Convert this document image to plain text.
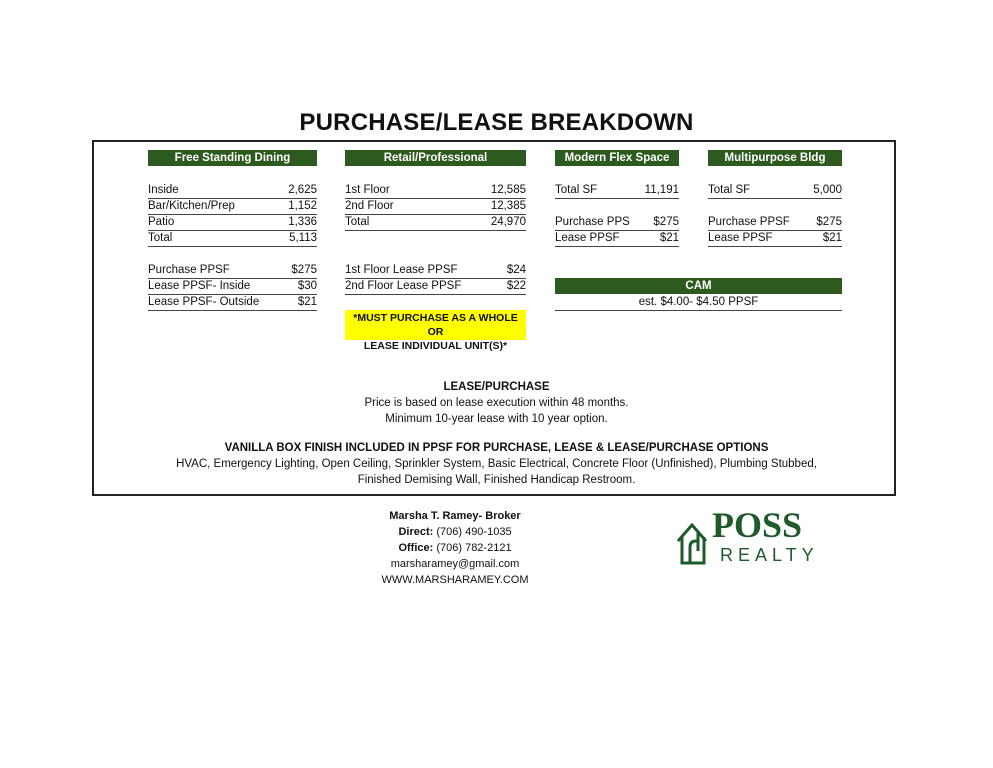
PURCHASE/LEASE BREAKDOWN
Free Standing Dining
Inside	2,625
Bar/Kitchen/Prep	1,152
Patio	1,336
Total	5,113
Purchase PPSF	$275
Lease PPSF- Inside	$30
Lease PPSF- Outside	$21
Retail/Professional
1st Floor	12,585
2nd Floor	12,385
Total	24,970
1st Floor Lease PPSF	$24
2nd Floor Lease PPSF	$22
*MUST PURCHASE AS A WHOLE OR
LEASE INDIVIDUAL UNIT(S)*
Modern Flex Space
Total SF	11,191
Purchase PPS $275
Lease PPSF	$21
Multipurpose Bldg
Total SF	5,000
Purchase PPSF $275
Lease PPSF	$21
CAM
est. $4.00- $4.50 PPSF
LEASE/PURCHASE
Price is based on lease execution within 48 months.
Minimum 10-year lease with 10 year option.
VANILLA BOX FINISH INCLUDED IN PPSF FOR PURCHASE, LEASE & LEASE/PURCHASE OPTIONS
HVAC, Emergency Lighting, Open Ceiling, Sprinkler System, Basic Electrical, Concrete Floor (Unfinished), Plumbing Stubbed,
Finished Demising Wall, Finished Handicap Restroom.
Marsha T. Ramey- Broker
Direct: (706) 490-1035
Office: (706) 782-2121
marsharamey@gmail.com
WWW.MARSHARAMEY.COM
POSS
REALTY
